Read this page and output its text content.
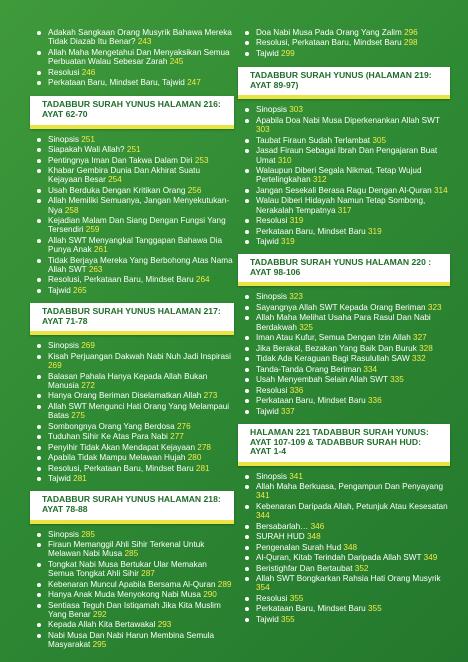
Adakah Sangkaan Orang Musyrik Bahawa Mereka Tidak Diazab Itu Benar? 243
Allah Maha Mengetahui Dan Menyaksikan Semua Perbuatan Walau Sebesar Zarah 245
Resolusi 246
Perkataan Baru, Mindset Baru, Tajwid 247
TADABBUR SURAH YUNUS HALAMAN 216: AYAT 62-70
Sinopsis 251
Siapakah Wali Allah? 251
Pentingnya Iman Dan Takwa Dalam Diri 253
Khabar Gembira Dunia Dan Akhirat Suatu Kejayaan Besar 254
Usah Berduka Dengan Kritikan Orang 256
Allah Memiliki Semuanya, Jangan Menyekutukan-Nya 258
Kejadian Malam Dan Siang Dengan Fungsi Yang Tersendiri 259
Allah SWT Menyangkal Tanggapan Bahawa Dia Punya Anak 261
Tidak Berjaya Mereka Yang Berbohong Atas Nama Allah SWT 263
Resolusi, Perkataan Baru, Mindset Baru 264
Tajwid 265
TADABBUR SURAH YUNUS HALAMAN 217: AYAT 71-78
Sinopsis 269
Kisah Perjuangan Dakwah Nabi Nuh Jadi Inspirasi 269
Balasan Pahala Hanya Kepada Allah Bukan Manusia 272
Hanya Orang Beriman Diselamatkan Allah 273
Allah SWT Mengunci Hati Orang Yang Melampaui Batas 275
Sombongnya Orang Yang Berdosa 276
Tuduhan Sihir Ke Atas Para Nabi 277
Penyihir Tidak Akan Mendapat Kejayaan 278
Apabila Tidak Mampu Melawan Hujah 280
Resolusi, Perkataan Baru, Mindset Baru 281
Tajwid 281
TADABBUR SURAH YUNUS HALAMAN 218: AYAT 78-88
Sinopsis 285
Firaun Memanggil Ahli Sihir Terkenal Untuk Melawan Nabi Musa 285
Tongkat Nabi Musa Bertukar Ular Memakan Semua Tongkat Ahli Sihir 287
Kebenaran Muncul Apabila Bersama Al-Quran 289
Hanya Anak Muda Menyokong Nabi Musa 290
Sentiasa Teguh Dan Istiqamah Jika Kita Muslim Yang Benar 292
Kepada Allah Kita Bertawakal 293
Nabi Musa Dan Nabi Harun Membina Semula Masyarakat 295
Doa Nabi Musa Pada Orang Yang Zalim 296
Resolusi, Perkataan Baru, Mindset Baru 298
Tajwid 299
TADABBUR SURAH YUNUS (HALAMAN 219: AYAT 89-97)
Sinopsis 303
Apabila Doa Nabi Musa Diperkenankan Allah SWT 303
Taubat Firaun Sudah Terlambat 305
Jasad Firaun Sebagai Ibrah Dan Pengajaran Buat Umat 310
Walaupun Diberi Segala Nikmat, Tetap Wujud Pertelingkahan 312
Jangan Sesekali Berasa Ragu Dengan Al-Quran 314
Walau Diberi Hidayah Namun Tetap Sombong, Nerakalah Tempatnya 317
Resolusi 319
Perkataan Baru, Mindset Baru 319
Tajwid 319
TADABBUR SURAH YUNUS HALAMAN 220 : AYAT 98-106
Sinopsis 323
Sayangnya Allah SWT Kepada Orang Beriman 323
Allah Maha Melihat Usaha Para Rasul Dan Nabi Berdakwah 325
Iman Atau Kufur, Semua Dengan Izin Allah 327
Jika Berakal, Bezakan Yang Baik Dan Buruk 328
Tidak Ada Keraguan Bagi Rasulullah SAW 332
Tanda-Tanda Orang Beriman 334
Usah Menyembah Selain Allah SWT 335
Resolusi 336
Perkataan Baru, Mindset Baru 336
Tajwid 337
HALAMAN 221 TADABBUR SURAH YUNUS: AYAT 107-109 & TADABBUR SURAH HUD: AYAT 1-4
Sinopsis 341
Allah Maha Berkuasa, Pengampun Dan Penyayang 341
Kebenaran Daripada Allah, Petunjuk Atau Kesesatan 344
Bersabarlah… 346
SURAH HUD 348
Pengenalan Surah Hud 348
Al-Quran, Kitab Terindah Daripada Allah SWT 349
Beristighfar Dan Bertaubat 352
Allah SWT Bongkarkan Rahsia Hati Orang Musyrik 354
Resolusi 355
Perkataan Baru, Mindset Baru 355
Tajwid 355
